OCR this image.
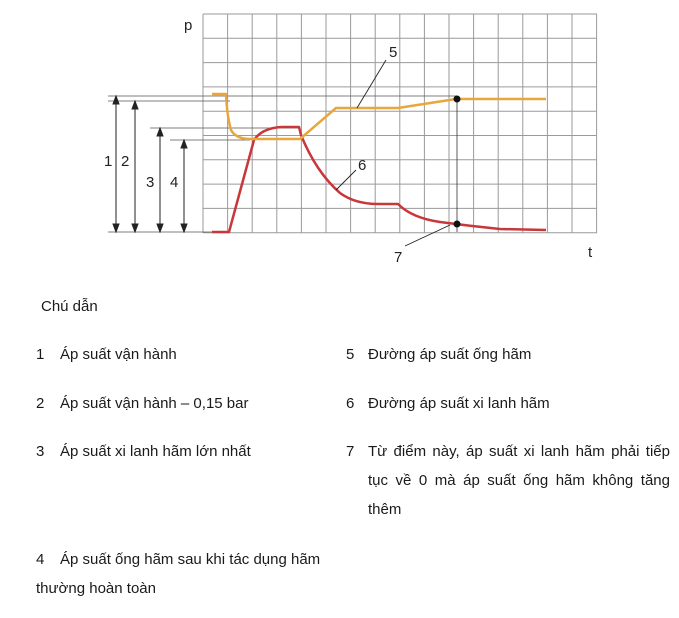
p
t
1 2
3 4
5
6
7
Chú dẫn
1 Áp suất vận hành
2 Áp suất vận hành – 0,15 bar
3 Áp suất xi lanh hãm lớn nhất
4	Áp suất ống hãm sau khi tác dụng hãm thường hoàn toàn
5 Đường áp suất ống hãm
6 Đường áp suất xi lanh hãm
7 Từ điểm này, áp suất xi lanh hãm phải tiếp tục về 0 mà áp suất ống hãm không tăng thêm
